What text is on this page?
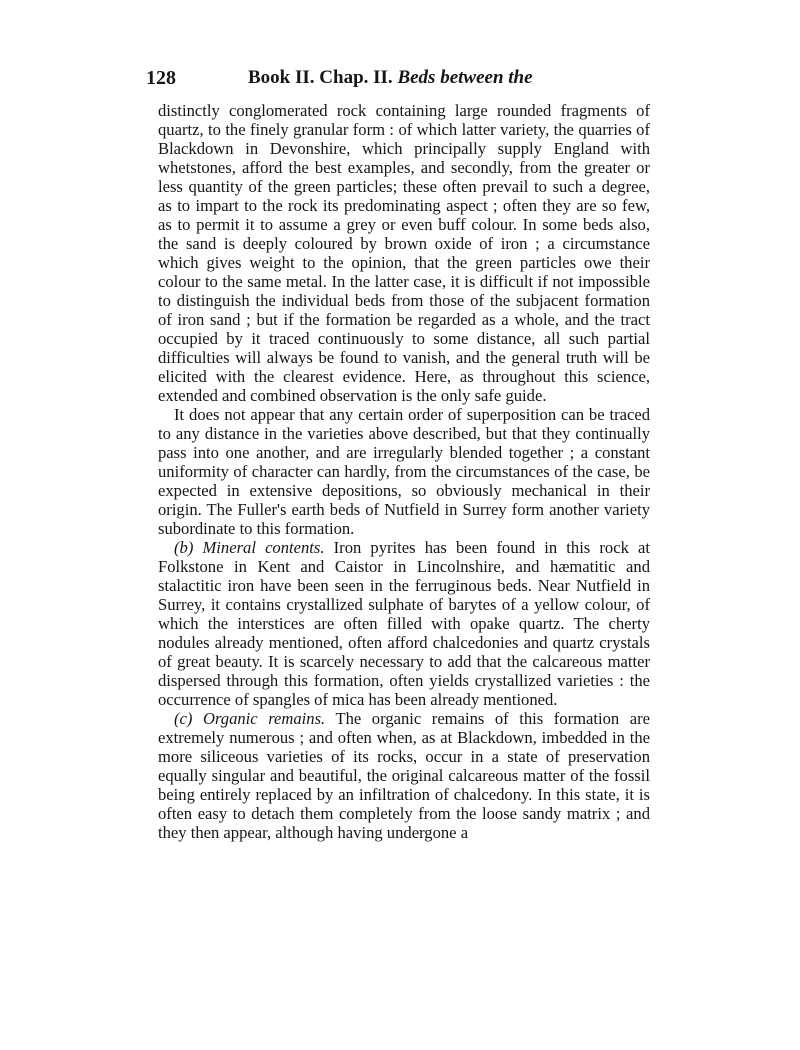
128	Book II. Chap. II. Beds between the

distinctly conglomerated rock containing large rounded fragments of quartz, to the finely granular form : of which latter variety, the quarries of Blackdown in Devonshire, which principally supply England with whetstones, afford the best examples, and secondly, from the greater or less quantity of the green particles; these often prevail to such a degree, as to impart to the rock its predominating aspect ; often they are so few, as to permit it to assume a grey or even buff colour. In some beds also, the sand is deeply coloured by brown oxide of iron ; a circumstance which gives weight to the opinion, that the green particles owe their colour to the same metal. In the latter case, it is difficult if not impossible to distinguish the individual beds from those of the subjacent formation of iron sand ; but if the formation be regarded as a whole, and the tract occupied by it traced continuously to some distance, all such partial difficulties will always be found to vanish, and the general truth will be elicited with the clearest evidence. Here, as throughout this science, extended and combined observation is the only safe guide.

It does not appear that any certain order of superposition can be traced to any distance in the varieties above described, but that they continually pass into one another, and are irregularly blended together ; a constant uniformity of character can hardly, from the circumstances of the case, be expected in extensive depositions, so obviously mechanical in their origin. The Fuller's earth beds of Nutfield in Surrey form another variety subordinate to this formation.

(b) Mineral contents. Iron pyrites has been found in this rock at Folkstone in Kent and Caistor in Lincolnshire, and hæmatitic and stalactitic iron have been seen in the ferruginous beds. Near Nutfield in Surrey, it contains crystallized sulphate of barytes of a yellow colour, of which the interstices are often filled with opake quartz. The cherty nodules already mentioned, often afford chalcedonies and quartz crystals of great beauty. It is scarcely necessary to add that the calcareous matter dispersed through this formation, often yields crystallized varieties : the occurrence of spangles of mica has been already mentioned.

(c) Organic remains. The organic remains of this formation are extremely numerous ; and often when, as at Blackdown, imbedded in the more siliceous varieties of its rocks, occur in a state of preservation equally singular and beautiful, the original calcareous matter of the fossil being entirely replaced by an infiltration of chalcedony. In this state, it is often easy to detach them completely from the loose sandy matrix ; and they then appear, although having undergone a
